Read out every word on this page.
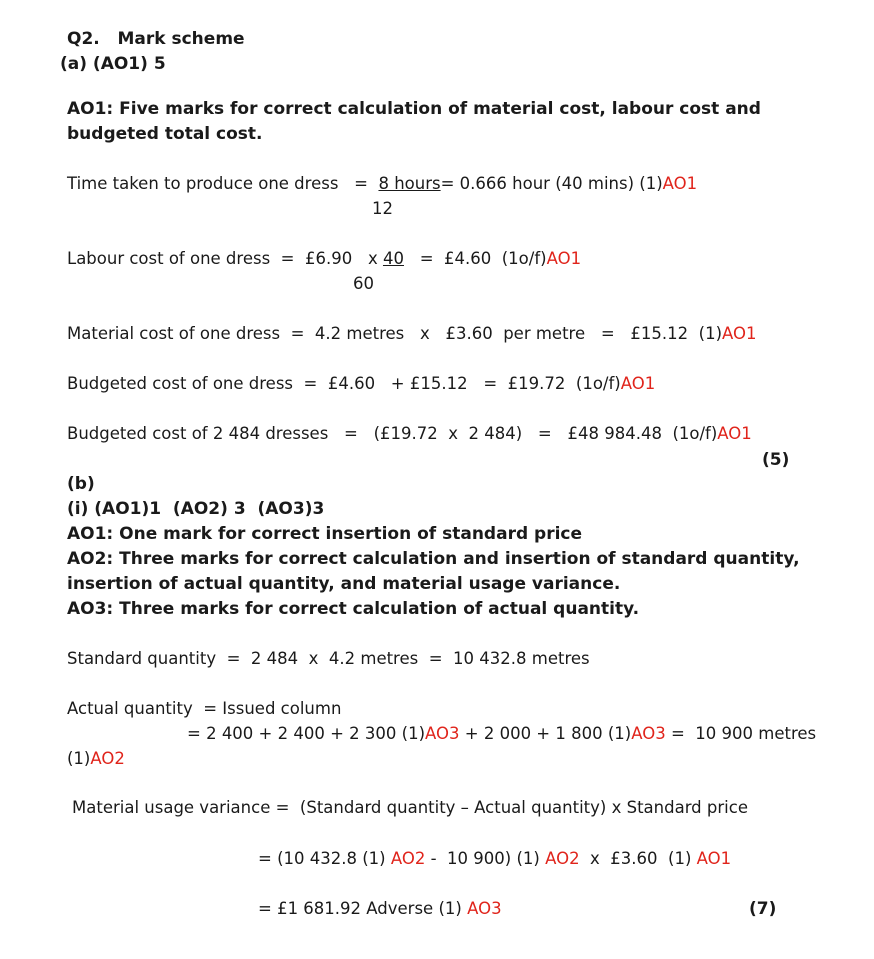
Q2.   Mark scheme
(a) (AO1) 5
AO1: Five marks for correct calculation of material cost, labour cost and
budgeted total cost.
Time taken to produce one dress   =  8 hours= 0.666 hour (40 mins) (1)AO1
12
Labour cost of one dress  =  £6.90   x 40   =  £4.60  (1o/f)AO1
60
Material cost of one dress  =  4.2 metres   x   £3.60  per metre   =   £15.12  (1)AO1
Budgeted cost of one dress  =  £4.60   + £15.12   =  £19.72  (1o/f)AO1
Budgeted cost of 2 484 dresses   =   (£19.72  x  2 484)   =   £48 984.48  (1o/f)AO1
(5)
(b)
(i) (AO1)1  (AO2) 3  (AO3)3
AO1: One mark for correct insertion of standard price
AO2: Three marks for correct calculation and insertion of standard quantity,
insertion of actual quantity, and material usage variance.
AO3: Three marks for correct calculation of actual quantity.
Standard quantity  =  2 484  x  4.2 metres  =  10 432.8 metres
Actual quantity  = Issued column
= 2 400 + 2 400 + 2 300 (1)AO3 + 2 000 + 1 800 (1)AO3 =  10 900 metres
(1)AO2
Material usage variance =  (Standard quantity – Actual quantity) x Standard price
= (10 432.8 (1) AO2 -  10 900) (1) AO2  x  £3.60  (1) AO1
= £1 681.92 Adverse (1) AO3	(7)
